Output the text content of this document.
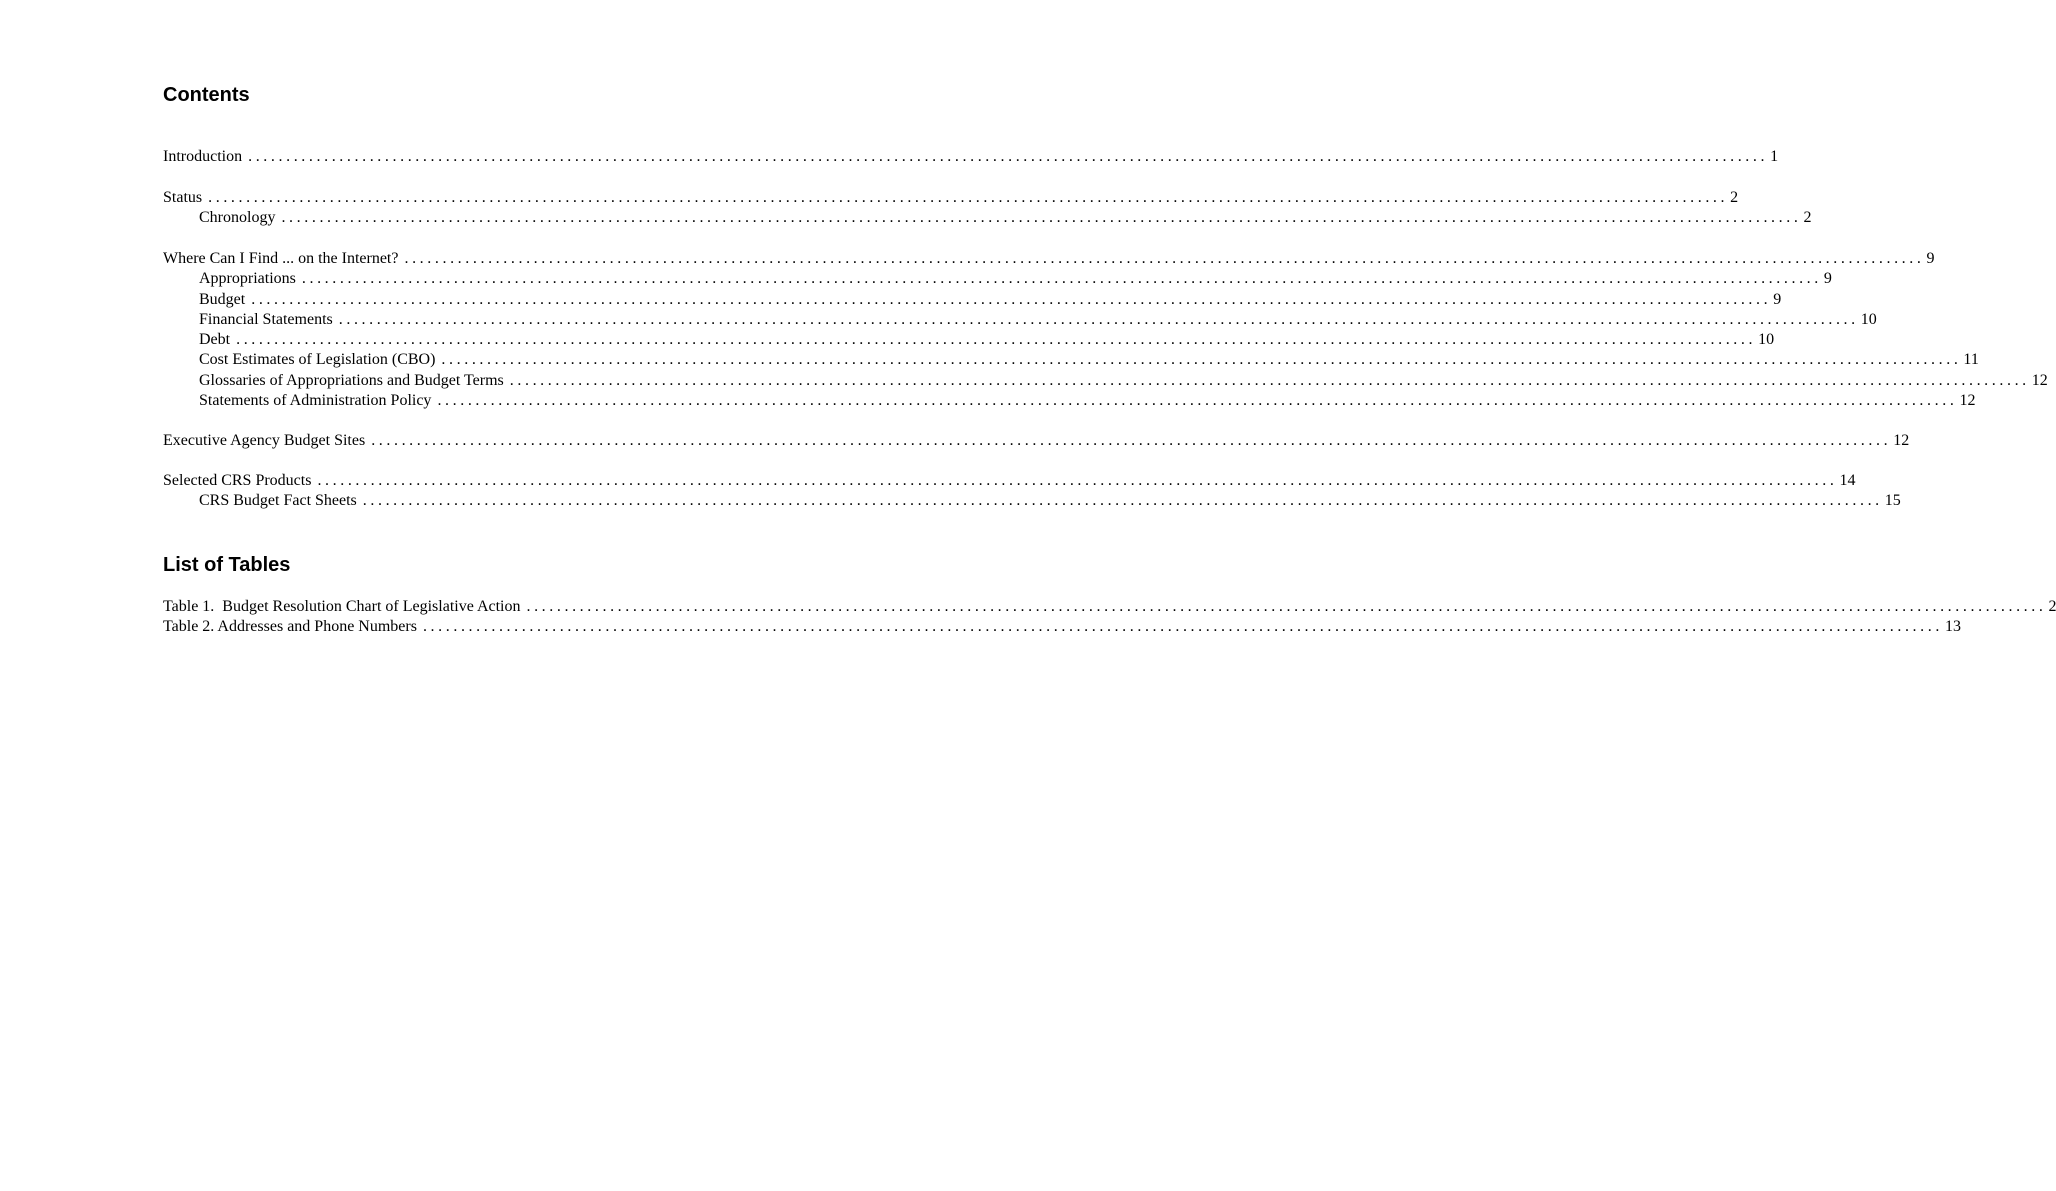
Contents
Introduction ........................................................................................................................................................................................................ 1
Status ........................................................................................................................................................................................................ 2
Chronology ........................................................................................................................................................................................................ 2
Where Can I Find ... on the Internet? ........................................................................................................................................................................................................ 9
Appropriations ........................................................................................................................................................................................................ 9
Budget ........................................................................................................................................................................................................ 9
Financial Statements ........................................................................................................................................................................................................ 10
Debt ........................................................................................................................................................................................................ 10
Cost Estimates of Legislation (CBO) ........................................................................................................................................................................................................ 11
Glossaries of Appropriations and Budget Terms ........................................................................................................................................................................................................ 12
Statements of Administration Policy ........................................................................................................................................................................................................ 12
Executive Agency Budget Sites ........................................................................................................................................................................................................ 12
Selected CRS Products ........................................................................................................................................................................................................ 14
CRS Budget Fact Sheets ........................................................................................................................................................................................................ 15
List of Tables
Table 1.  Budget Resolution Chart of Legislative Action ........................................................................................................................................................................................................ 2
Table 2. Addresses and Phone Numbers ........................................................................................................................................................................................................ 13
